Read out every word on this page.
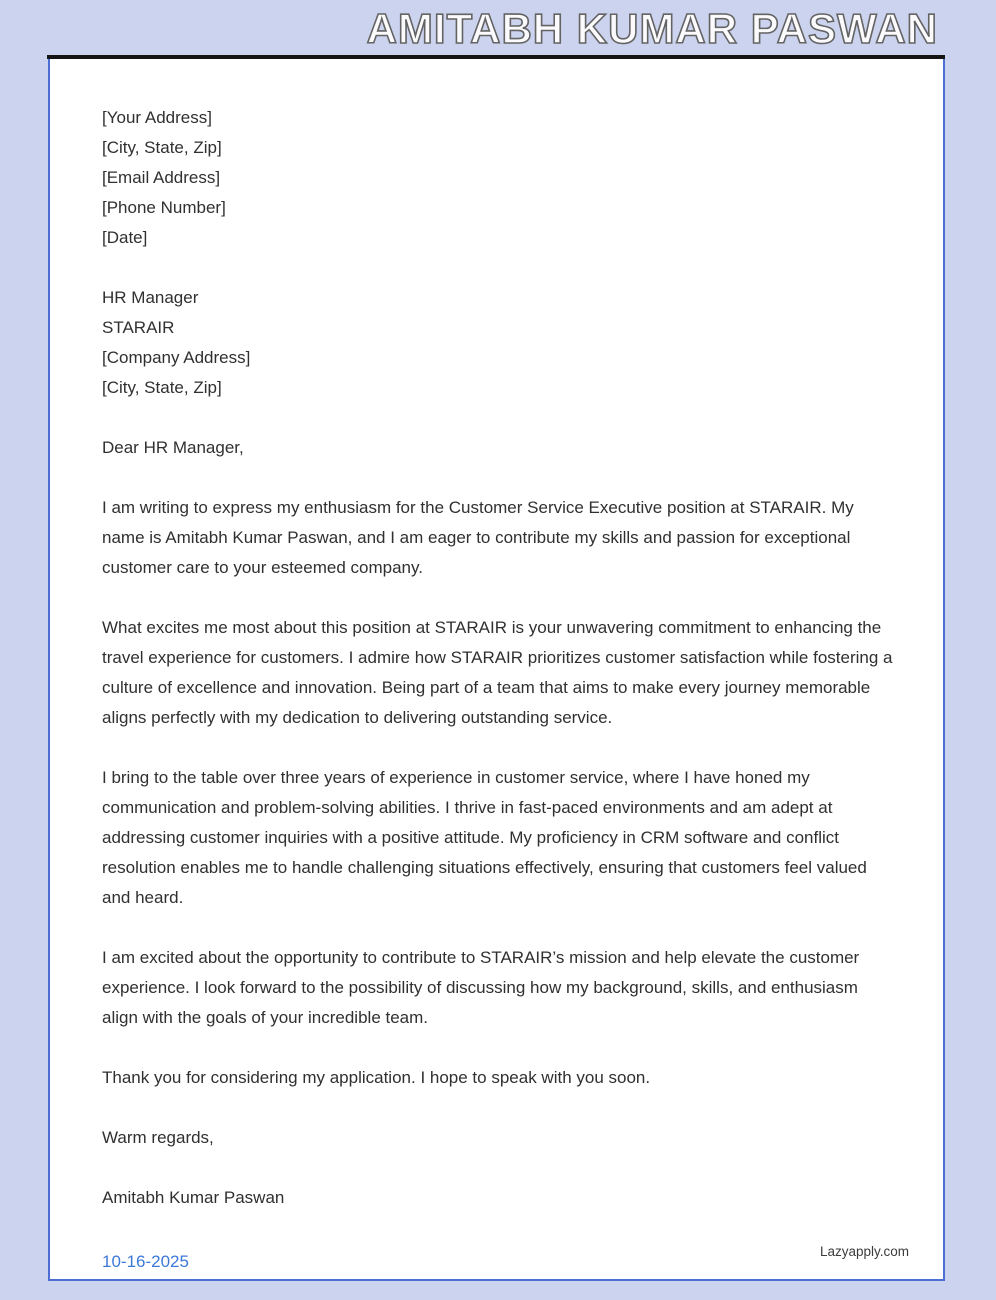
AMITABH KUMAR PASWAN

[Your Address]

[City, State, Zip]

[Email Address]

[Phone Number]

[Date]

HR Manager

STARAIR

[Company Address]

[City, State, Zip]

Dear HR Manager,

I am writing to express my enthusiasm for the Customer Service Executive position at STARAIR. My name is Amitabh Kumar Paswan, and I am eager to contribute my skills and passion for exceptional customer care to your esteemed company.

What excites me most about this position at STARAIR is your unwavering commitment to enhancing the travel experience for customers. I admire how STARAIR prioritizes customer satisfaction while fostering a culture of excellence and innovation. Being part of a team that aims to make every journey memorable aligns perfectly with my dedication to delivering outstanding service.

I bring to the table over three years of experience in customer service, where I have honed my communication and problem-solving abilities. I thrive in fast-paced environments and am adept at addressing customer inquiries with a positive attitude. My proficiency in CRM software and conflict resolution enables me to handle challenging situations effectively, ensuring that customers feel valued and heard.

I am excited about the opportunity to contribute to STARAIR’s mission and help elevate the customer experience. I look forward to the possibility of discussing how my background, skills, and enthusiasm align with the goals of your incredible team.

Thank you for considering my application. I hope to speak with you soon.

Warm regards,

Amitabh Kumar Paswan

Lazyapply.com
10-16-2025
